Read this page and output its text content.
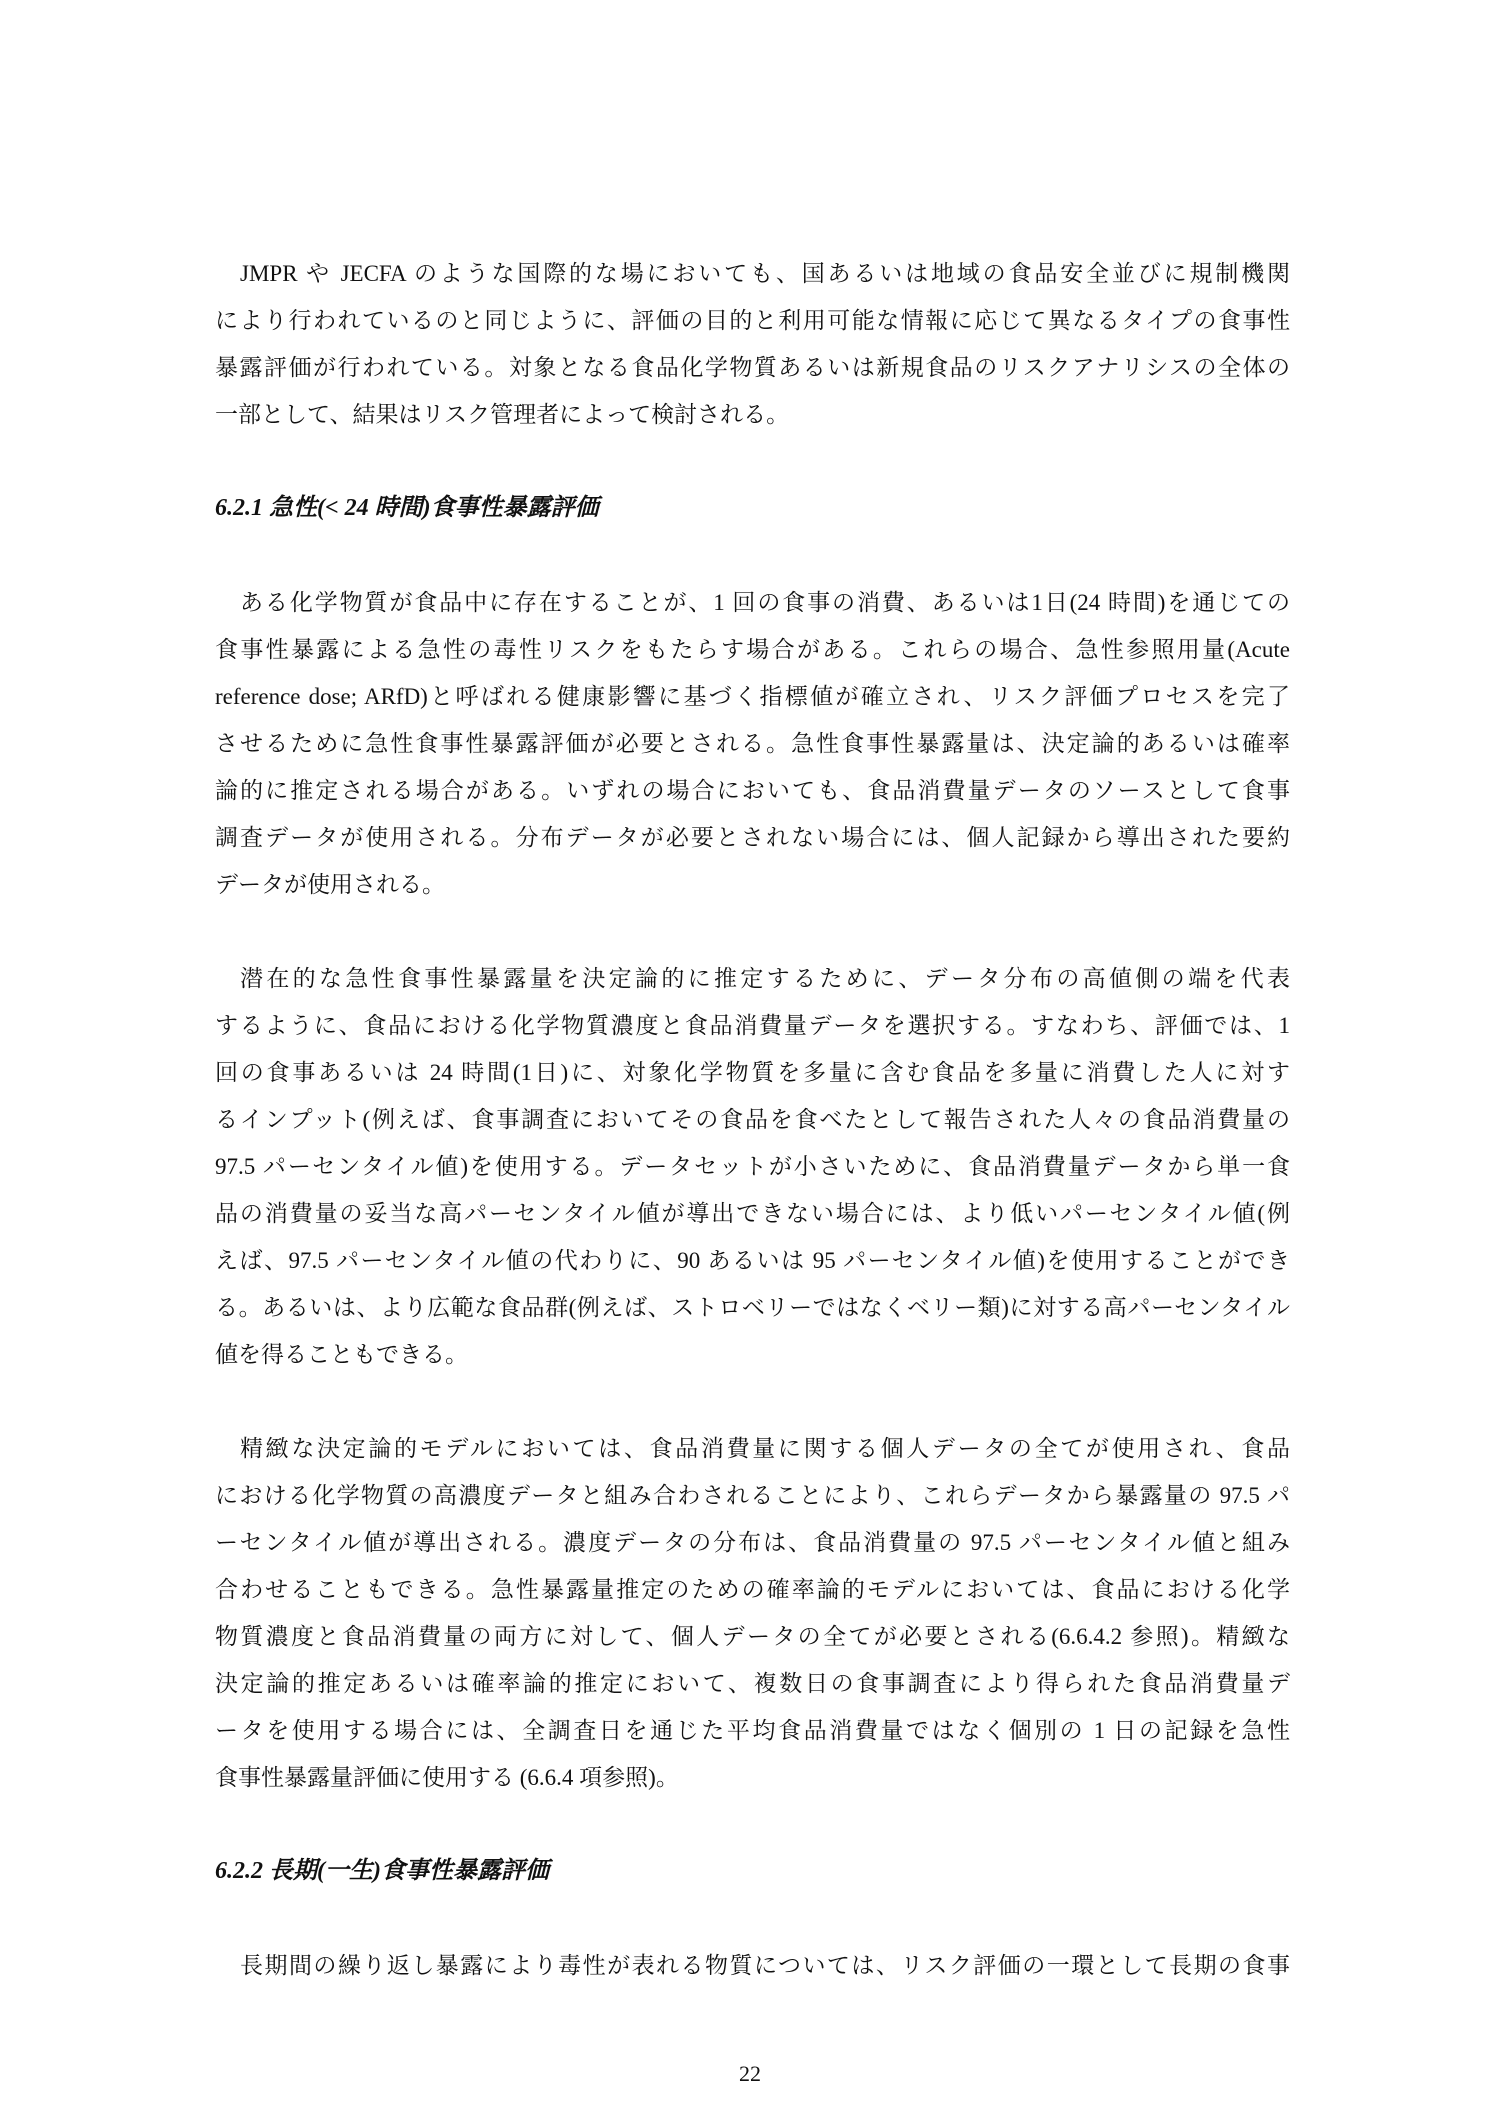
JMPR や JECFA のような国際的な場においても、国あるいは地域の食品安全並びに規制機関
により行われているのと同じように、評価の目的と利用可能な情報に応じて異なるタイプの食事性
暴露評価が行われている。対象となる食品化学物質あるいは新規食品のリスクアナリシスの全体の
一部として、結果はリスク管理者によって検討される。
6.2.1 急性(< 24 時間)食事性暴露評価
ある化学物質が食品中に存在することが、1 回の食事の消費、あるいは1日(24 時間)を通じての
食事性暴露による急性の毒性リスクをもたらす場合がある。これらの場合、急性参照用量(Acute
reference dose; ARfD)と呼ばれる健康影響に基づく指標値が確立され、リスク評価プロセスを完了
させるために急性食事性暴露評価が必要とされる。急性食事性暴露量は、決定論的あるいは確率
論的に推定される場合がある。いずれの場合においても、食品消費量データのソースとして食事
調査データが使用される。分布データが必要とされない場合には、個人記録から導出された要約
データが使用される。
潜在的な急性食事性暴露量を決定論的に推定するために、データ分布の高値側の端を代表
するように、食品における化学物質濃度と食品消費量データを選択する。すなわち、評価では、1
回の食事あるいは 24 時間(1日)に、対象化学物質を多量に含む食品を多量に消費した人に対す
るインプット(例えば、食事調査においてその食品を食べたとして報告された人々の食品消費量の
97.5 パーセンタイル値)を使用する。データセットが小さいために、食品消費量データから単一食
品の消費量の妥当な高パーセンタイル値が導出できない場合には、より低いパーセンタイル値(例
えば、97.5 パーセンタイル値の代わりに、90 あるいは 95 パーセンタイル値)を使用することができ
る。あるいは、より広範な食品群(例えば、ストロベリーではなくベリー類)に対する高パーセンタイル
値を得ることもできる。
精緻な決定論的モデルにおいては、食品消費量に関する個人データの全てが使用され、食品
における化学物質の高濃度データと組み合わされることにより、これらデータから暴露量の 97.5 パ
ーセンタイル値が導出される。濃度データの分布は、食品消費量の 97.5 パーセンタイル値と組み
合わせることもできる。急性暴露量推定のための確率論的モデルにおいては、食品における化学
物質濃度と食品消費量の両方に対して、個人データの全てが必要とされる(6.6.4.2 参照)。精緻な
決定論的推定あるいは確率論的推定において、複数日の食事調査により得られた食品消費量デ
ータを使用する場合には、全調査日を通じた平均食品消費量ではなく個別の 1 日の記録を急性
食事性暴露量評価に使用する (6.6.4 項参照)。
6.2.2 長期(一生)食事性暴露評価
長期間の繰り返し暴露により毒性が表れる物質については、リスク評価の一環として長期の食事
22
